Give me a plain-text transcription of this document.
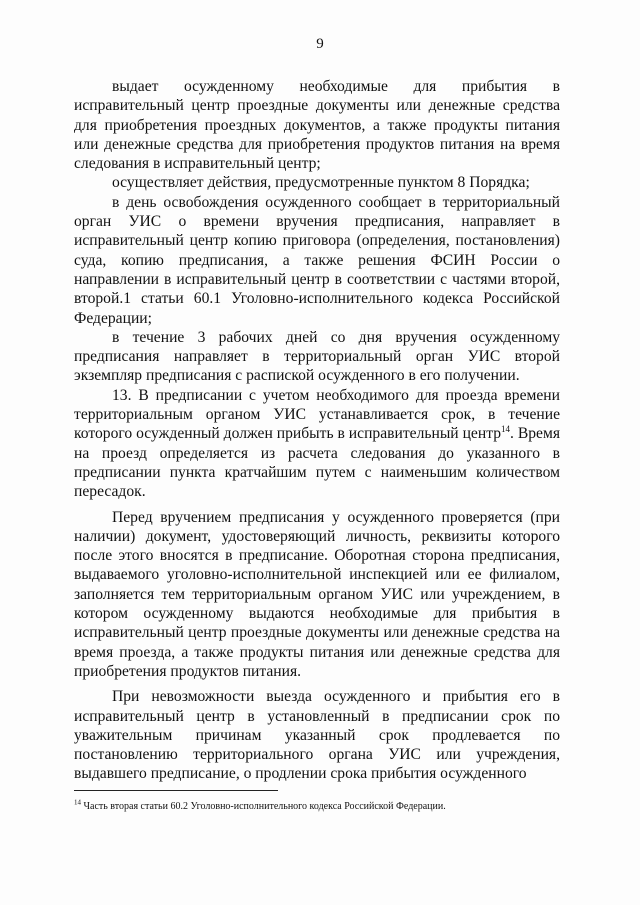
9

выдает осужденному необходимые для прибытия в исправительный центр проездные документы или денежные средства для приобретения проездных документов, а также продукты питания или денежные средства для приобретения продуктов питания на время следования в исправительный центр;

осуществляет действия, предусмотренные пунктом 8 Порядка;

в день освобождения осужденного сообщает в территориальный орган УИС о времени вручения предписания, направляет в исправительный центр копию приговора (определения, постановления) суда, копию предписания, а также решения ФСИН России о направлении в исправительный центр в соответствии с частями второй, второй.1 статьи 60.1 Уголовно-исполнительного кодекса Российской Федерации;

в течение 3 рабочих дней со дня вручения осужденному предписания направляет в территориальный орган УИС второй экземпляр предписания с распиской осужденного в его получении.

13. В предписании с учетом необходимого для проезда времени территориальным органом УИС устанавливается срок, в течение которого осужденный должен прибыть в исправительный центр$^{14}$. Время на проезд определяется из расчета следования до указанного в предписании пункта кратчайшим путем с наименьшим количеством пересадок.

Перед вручением предписания у осужденного проверяется (при наличии) документ, удостоверяющий личность, реквизиты которого после этого вносятся в предписание. Оборотная сторона предписания, выдаваемого уголовно-исполнительной инспекцией или ее филиалом, заполняется тем территориальным органом УИС или учреждением, в котором осужденному выдаются необходимые для прибытия в исправительный центр проездные документы или денежные средства на время проезда, а также продукты питания или денежные средства для приобретения продуктов питания.

При невозможности выезда осужденного и прибытия его в исправительный центр в установленный в предписании срок по уважительным причинам указанный срок продлевается по постановлению территориального органа УИС или учреждения, выдавшего предписание, о продлении срока прибытия осужденного

$^{14}$ Часть вторая статьи 60.2 Уголовно-исполнительного кодекса Российской Федерации.
